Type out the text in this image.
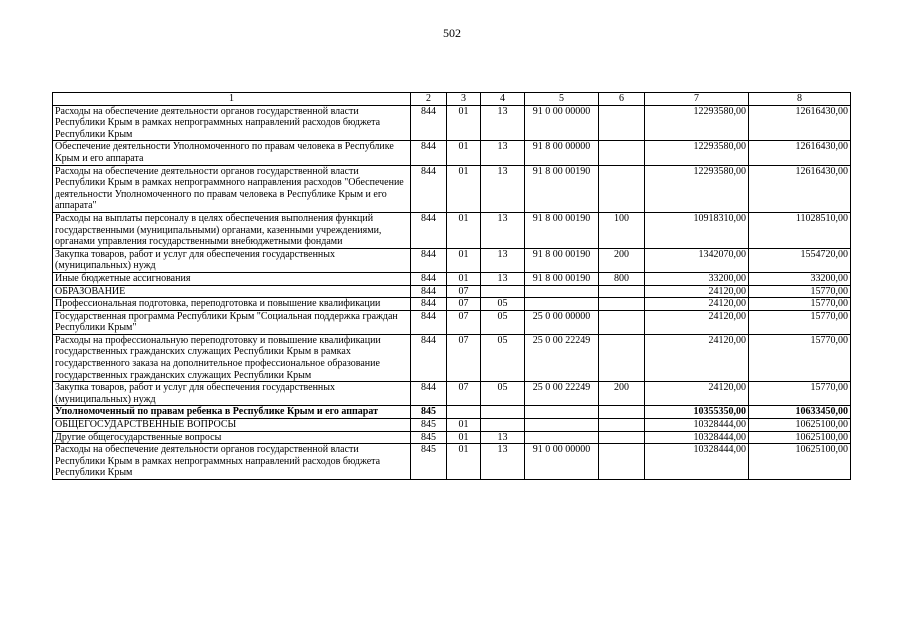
502
1	2	3	4	5	6	7	8
Расходы на обеспечение деятельности органов государственной власти Республики Крым в рамках непрограммных направлений расходов бюджета Республики Крым	844	01	13	91 0 00 00000		12293580,00	12616430,00
Обеспечение деятельности Уполномоченного по правам человека в Республике Крым и его аппарата	844	01	13	91 8 00 00000		12293580,00	12616430,00
Расходы на обеспечение деятельности органов государственной власти Республики Крым в рамках непрограммного направления расходов "Обеспечение деятельности Уполномоченного по правам человека в Республике Крым и его аппарата"	844	01	13	91 8 00 00190		12293580,00	12616430,00
Расходы на выплаты персоналу в целях обеспечения выполнения функций государственными (муниципальными) органами, казенными учреждениями, органами управления государственными внебюджетными фондами	844	01	13	91 8 00 00190	100	10918310,00	11028510,00
Закупка товаров, работ и услуг для обеспечения государственных (муниципальных) нужд	844	01	13	91 8 00 00190	200	1342070,00	1554720,00
Иные бюджетные ассигнования	844	01	13	91 8 00 00190	800	33200,00	33200,00
ОБРАЗОВАНИЕ	844	07				24120,00	15770,00
Профессиональная подготовка, переподготовка и повышение квалификации	844	07	05			24120,00	15770,00
Государственная программа Республики Крым "Социальная поддержка граждан Республики Крым"	844	07	05	25 0 00 00000		24120,00	15770,00
Расходы на профессиональную переподготовку и повышение квалификации государственных гражданских служащих Республики Крым в рамках государственного заказа на дополнительное профессиональное образование государственных гражданских служащих Республики Крым	844	07	05	25 0 00 22249		24120,00	15770,00
Закупка товаров, работ и услуг для обеспечения государственных (муниципальных) нужд	844	07	05	25 0 00 22249	200	24120,00	15770,00
Уполномоченный по правам ребенка в Республике Крым и его аппарат	845					10355350,00	10633450,00
ОБЩЕГОСУДАРСТВЕННЫЕ ВОПРОСЫ	845	01				10328444,00	10625100,00
Другие общегосударственные вопросы	845	01	13			10328444,00	10625100,00
Расходы на обеспечение деятельности органов государственной власти Республики Крым в рамках непрограммных направлений расходов бюджета Республики Крым	845	01	13	91 0 00 00000		10328444,00	10625100,00
